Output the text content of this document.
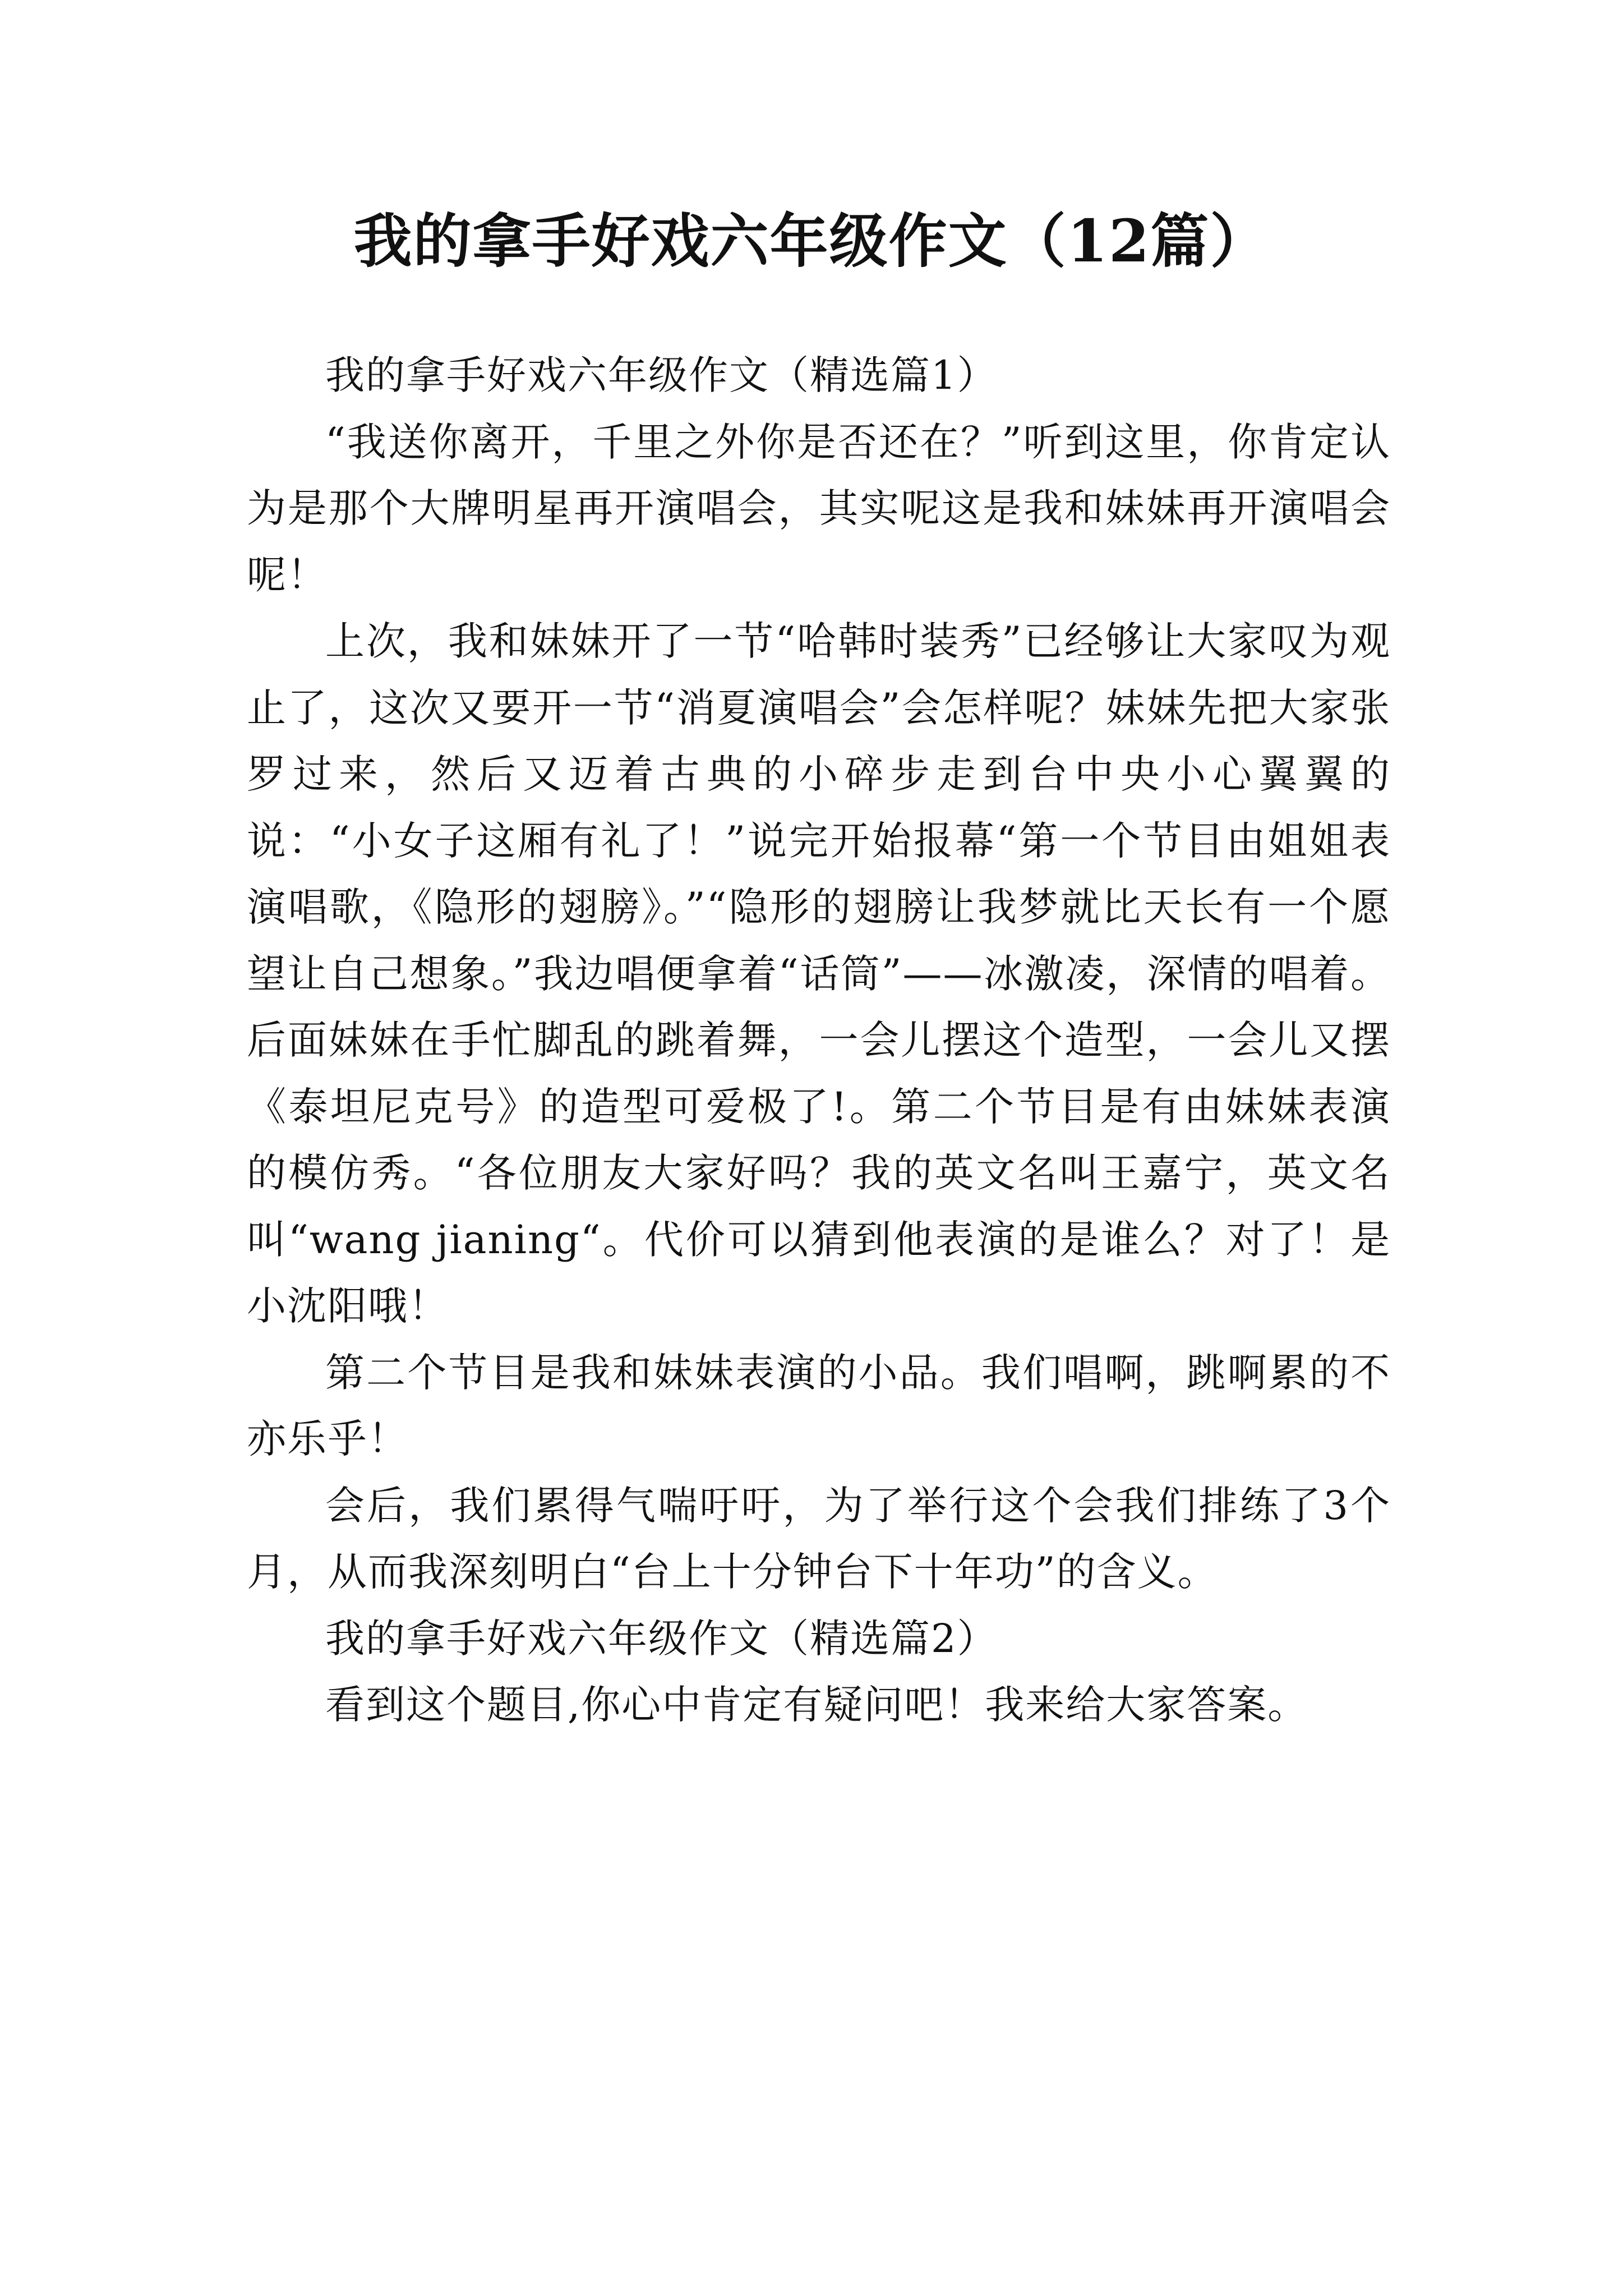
我的拿手好戏六年级作文（12篇）

我的拿手好戏六年级作文（精选篇1）

“我送你离开，千里之外你是否还在？”听到这里，你肯定认为是那个大牌明星再开演唱会，其实呢这是我和妹妹再开演唱会呢！

上次，我和妹妹开了一节“哈韩时装秀”已经够让大家叹为观止了，这次又要开一节“消夏演唱会”会怎样呢？妹妹先把大家张罗过来，然后又迈着古典的小碎步走到台中央小心翼翼的说：“小女子这厢有礼了！”说完开始报幕“第一个节目由姐姐表演唱歌，《隐形的翅膀》。”“隐形的翅膀让我梦就比天长有一个愿望让自己想象。”我边唱便拿着“话筒”——冰激凌，深情的唱着。后面妹妹在手忙脚乱的跳着舞，一会儿摆这个造型，一会儿又摆《泰坦尼克号》的造型可爱极了!。第二个节目是有由妹妹表演的模仿秀。“各位朋友大家好吗？我的英文名叫王嘉宁，英文名叫“wang jianing“。代价可以猜到他表演的是谁么？对了！是小沈阳哦！

第二个节目是我和妹妹表演的小品。我们唱啊，跳啊累的不亦乐乎！

会后，我们累得气喘吁吁，为了举行这个会我们排练了3个月，从而我深刻明白“台上十分钟台下十年功”的含义。

我的拿手好戏六年级作文（精选篇2）

看到这个题目,你心中肯定有疑问吧！我来给大家答案。
